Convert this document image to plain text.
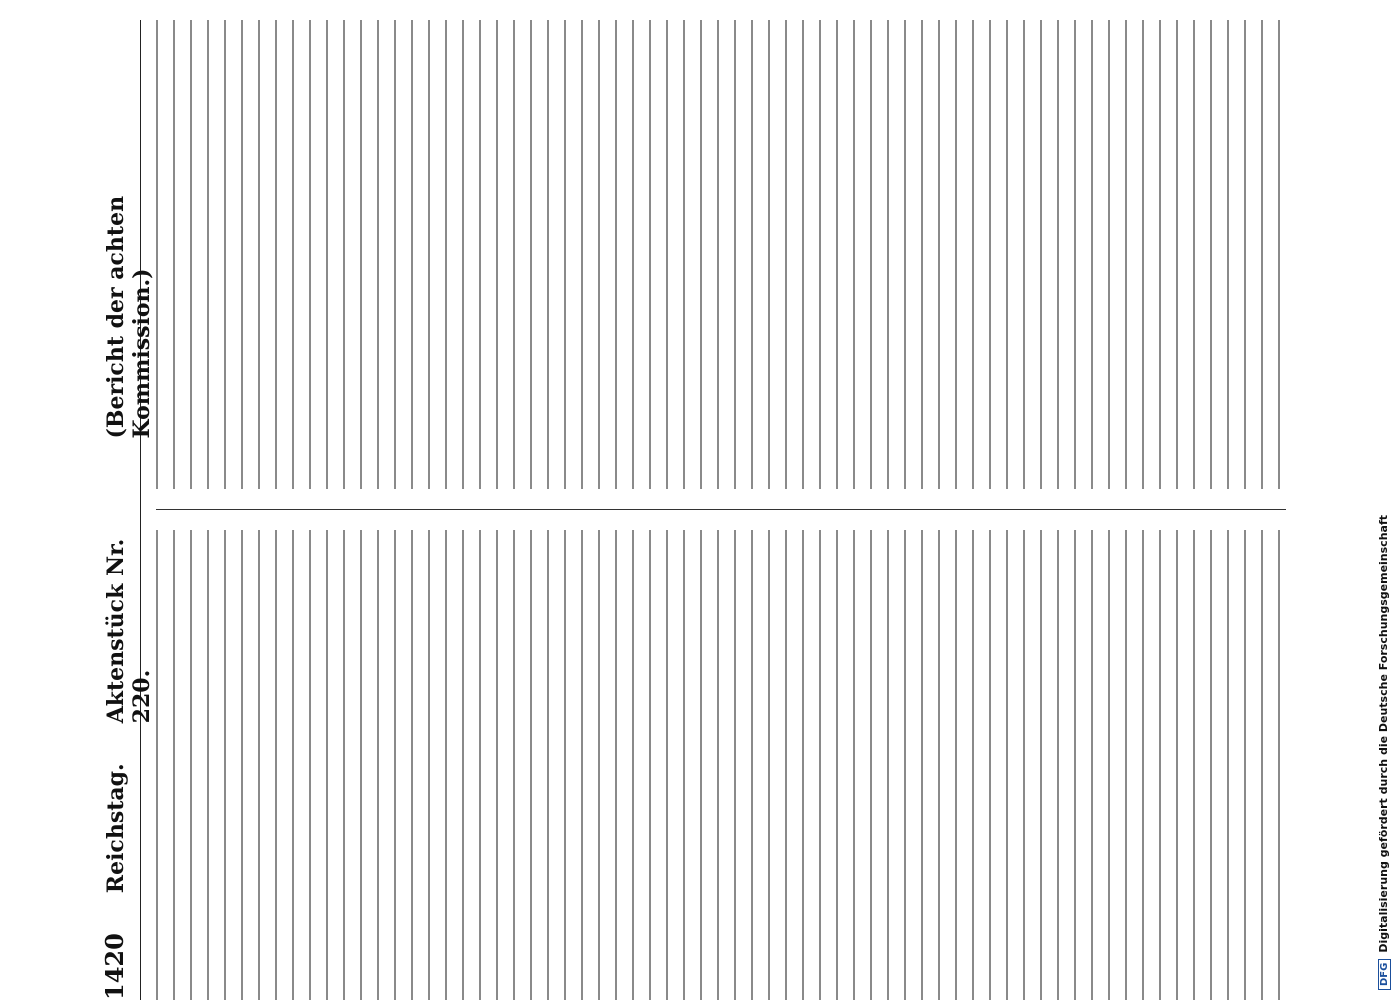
1420
Reichstag.
Aktenstück Nr. 220.
(Bericht der achten Kommission.)
DFGDigitalisierung gefördert durch die Deutsche Forschungsgemeinschaft
